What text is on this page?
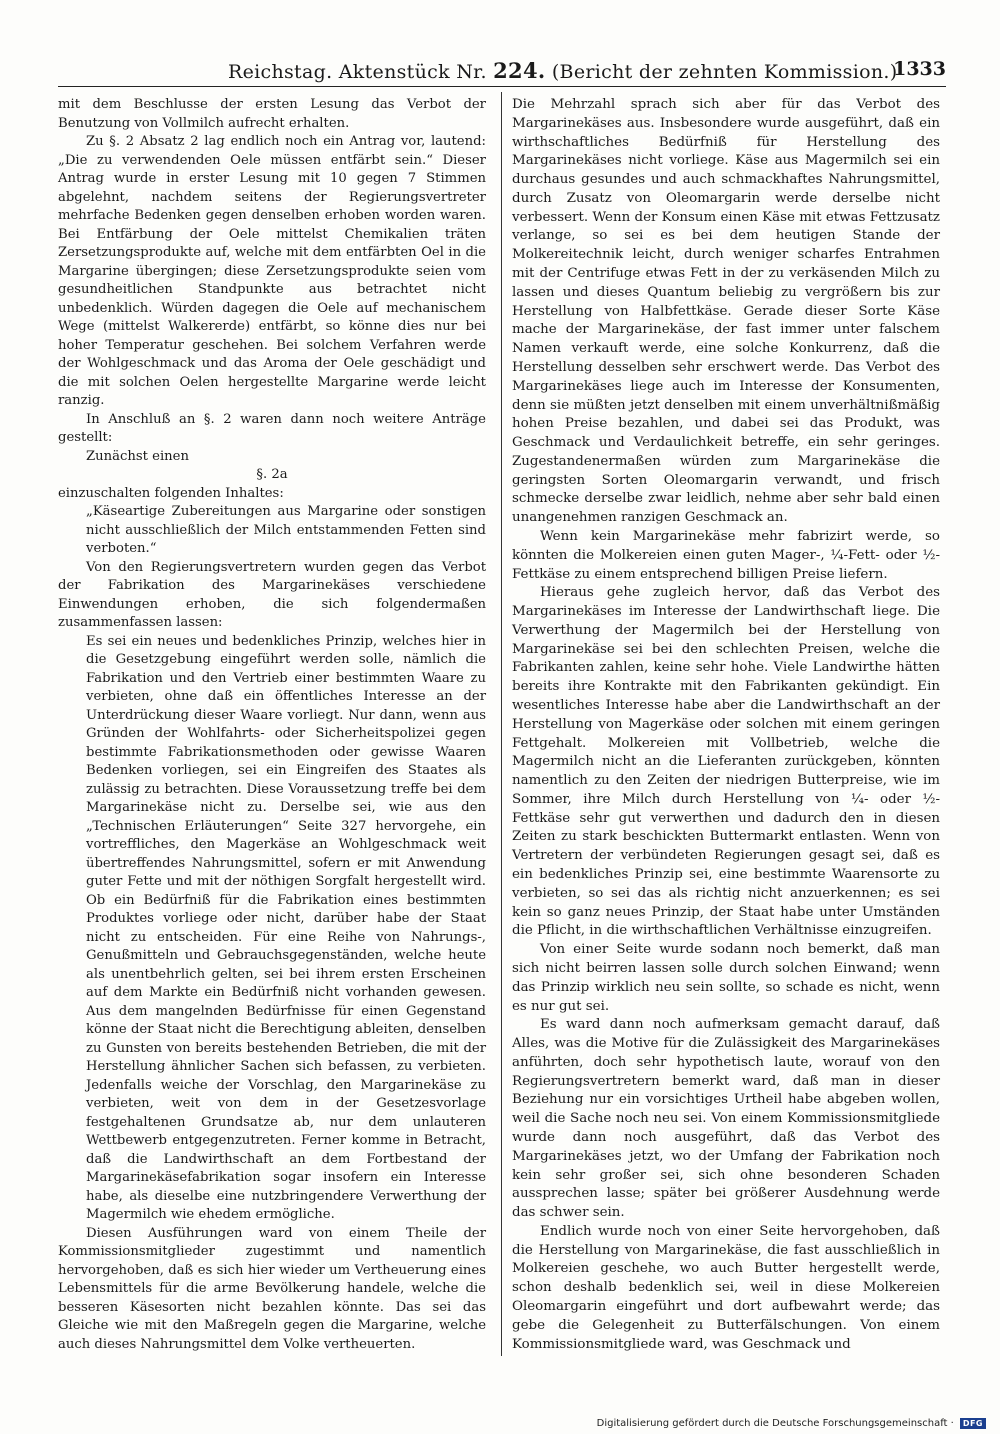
Reichstag. Aktenstück Nr. 224. (Bericht der zehnten Kommission.)
1333

mit dem Beschlusse der ersten Lesung das Verbot der Benutzung von Vollmilch aufrecht erhalten.

Zu §. 2 Absatz 2 lag endlich noch ein Antrag vor, lautend: „Die zu verwendenden Oele müssen entfärbt sein.“ Dieser Antrag wurde in erster Lesung mit 10 gegen 7 Stimmen abgelehnt, nachdem seitens der Regierungsvertreter mehrfache Bedenken gegen denselben erhoben worden waren. Bei Entfärbung der Oele mittelst Chemikalien träten Zersetzungsprodukte auf, welche mit dem entfärbten Oel in die Margarine übergingen; diese Zersetzungsprodukte seien vom gesundheitlichen Standpunkte aus betrachtet nicht unbedenklich. Würden dagegen die Oele auf mechanischem Wege (mittelst Walkererde) entfärbt, so könne dies nur bei hoher Temperatur geschehen. Bei solchem Verfahren werde der Wohlgeschmack und das Aroma der Oele geschädigt und die mit solchen Oelen hergestellte Margarine werde leicht ranzig.

In Anschluß an §. 2 waren dann noch weitere Anträge gestellt:

Zunächst einen

§. 2a

einzuschalten folgenden Inhaltes:

„Käseartige Zubereitungen aus Margarine oder sonstigen nicht ausschließlich der Milch entstammenden Fetten sind verboten.“

Von den Regierungsvertretern wurden gegen das Verbot der Fabrikation des Margarinekäses verschiedene Einwendungen erhoben, die sich folgendermaßen zusammenfassen lassen:

Es sei ein neues und bedenkliches Prinzip, welches hier in die Gesetzgebung eingeführt werden solle, nämlich die Fabrikation und den Vertrieb einer bestimmten Waare zu verbieten, ohne daß ein öffentliches Interesse an der Unterdrückung dieser Waare vorliegt. Nur dann, wenn aus Gründen der Wohlfahrts- oder Sicherheitspolizei gegen bestimmte Fabrikationsmethoden oder gewisse Waaren Bedenken vorliegen, sei ein Eingreifen des Staates als zulässig zu betrachten. Diese Voraussetzung treffe bei dem Margarinekäse nicht zu. Derselbe sei, wie aus den „Technischen Erläuterungen“ Seite 327 hervorgehe, ein vortreffliches, den Magerkäse an Wohlgeschmack weit übertreffendes Nahrungsmittel, sofern er mit Anwendung guter Fette und mit der nöthigen Sorgfalt hergestellt wird. Ob ein Bedürfniß für die Fabrikation eines bestimmten Produktes vorliege oder nicht, darüber habe der Staat nicht zu entscheiden. Für eine Reihe von Nahrungs-, Genußmitteln und Gebrauchsgegenständen, welche heute als unentbehrlich gelten, sei bei ihrem ersten Erscheinen auf dem Markte ein Bedürfniß nicht vorhanden gewesen. Aus dem mangelnden Bedürfnisse für einen Gegenstand könne der Staat nicht die Berechtigung ableiten, denselben zu Gunsten von bereits bestehenden Betrieben, die mit der Herstellung ähnlicher Sachen sich befassen, zu verbieten. Jedenfalls weiche der Vorschlag, den Margarinekäse zu verbieten, weit von dem in der Gesetzesvorlage festgehaltenen Grundsatze ab, nur dem unlauteren Wettbewerb entgegenzutreten. Ferner komme in Betracht, daß die Landwirthschaft an dem Fortbestand der Margarinekäsefabrikation sogar insofern ein Interesse habe, als dieselbe eine nutzbringendere Verwerthung der Magermilch wie ehedem ermögliche.

Diesen Ausführungen ward von einem Theile der Kommissionsmitglieder zugestimmt und namentlich hervorgehoben, daß es sich hier wieder um Vertheuerung eines Lebensmittels für die arme Bevölkerung handele, welche die besseren Käsesorten nicht bezahlen könnte. Das sei das Gleiche wie mit den Maßregeln gegen die Margarine, welche auch dieses Nahrungsmittel dem Volke vertheuerten.

Die Mehrzahl sprach sich aber für das Verbot des Margarinekäses aus. Insbesondere wurde ausgeführt, daß ein wirthschaftliches Bedürfniß für Herstellung des Margarinekäses nicht vorliege. Käse aus Magermilch sei ein durchaus gesundes und auch schmackhaftes Nahrungsmittel, durch Zusatz von Oleomargarin werde derselbe nicht verbessert. Wenn der Konsum einen Käse mit etwas Fettzusatz verlange, so sei es bei dem heutigen Stande der Molkereitechnik leicht, durch weniger scharfes Entrahmen mit der Centrifuge etwas Fett in der zu verkäsenden Milch zu lassen und dieses Quantum beliebig zu vergrößern bis zur Herstellung von Halbfettkäse. Gerade dieser Sorte Käse mache der Margarinekäse, der fast immer unter falschem Namen verkauft werde, eine solche Konkurrenz, daß die Herstellung desselben sehr erschwert werde. Das Verbot des Margarinekäses liege auch im Interesse der Konsumenten, denn sie müßten jetzt denselben mit einem unverhältnißmäßig hohen Preise bezahlen, und dabei sei das Produkt, was Geschmack und Verdaulichkeit betreffe, ein sehr geringes. Zugestandenermaßen würden zum Margarinekäse die geringsten Sorten Oleomargarin verwandt, und frisch schmecke derselbe zwar leidlich, nehme aber sehr bald einen unangenehmen ranzigen Geschmack an.

Wenn kein Margarinekäse mehr fabrizirt werde, so könnten die Molkereien einen guten Mager-, ¼-Fett- oder ½-Fettkäse zu einem entsprechend billigen Preise liefern.

Hieraus gehe zugleich hervor, daß das Verbot des Margarinekäses im Interesse der Landwirthschaft liege. Die Verwerthung der Magermilch bei der Herstellung von Margarinekäse sei bei den schlechten Preisen, welche die Fabrikanten zahlen, keine sehr hohe. Viele Landwirthe hätten bereits ihre Kontrakte mit den Fabrikanten gekündigt. Ein wesentliches Interesse habe aber die Landwirthschaft an der Herstellung von Magerkäse oder solchen mit einem geringen Fettgehalt. Molkereien mit Vollbetrieb, welche die Magermilch nicht an die Lieferanten zurückgeben, könnten namentlich zu den Zeiten der niedrigen Butterpreise, wie im Sommer, ihre Milch durch Herstellung von ¼- oder ½-Fettkäse sehr gut verwerthen und dadurch den in diesen Zeiten zu stark beschickten Buttermarkt entlasten. Wenn von Vertretern der verbündeten Regierungen gesagt sei, daß es ein bedenkliches Prinzip sei, eine bestimmte Waarensorte zu verbieten, so sei das als richtig nicht anzuerkennen; es sei kein so ganz neues Prinzip, der Staat habe unter Umständen die Pflicht, in die wirthschaftlichen Verhältnisse einzugreifen.

Von einer Seite wurde sodann noch bemerkt, daß man sich nicht beirren lassen solle durch solchen Einwand; wenn das Prinzip wirklich neu sein sollte, so schade es nicht, wenn es nur gut sei.

Es ward dann noch aufmerksam gemacht darauf, daß Alles, was die Motive für die Zulässigkeit des Margarinekäses anführten, doch sehr hypothetisch laute, worauf von den Regierungsvertretern bemerkt ward, daß man in dieser Beziehung nur ein vorsichtiges Urtheil habe abgeben wollen, weil die Sache noch neu sei. Von einem Kommissionsmitgliede wurde dann noch ausgeführt, daß das Verbot des Margarinekäses jetzt, wo der Umfang der Fabrikation noch kein sehr großer sei, sich ohne besonderen Schaden aussprechen lasse; später bei größerer Ausdehnung werde das schwer sein.

Endlich wurde noch von einer Seite hervorgehoben, daß die Herstellung von Margarinekäse, die fast ausschließlich in Molkereien geschehe, wo auch Butter hergestellt werde, schon deshalb bedenklich sei, weil in diese Molkereien Oleomargarin eingeführt und dort aufbewahrt werde; das gebe die Gelegenheit zu Butterfälschungen. Von einem Kommissionsmitgliede ward, was Geschmack und

Digitalisierung gefördert durch die Deutsche Forschungsgemeinschaft ·	DFG
